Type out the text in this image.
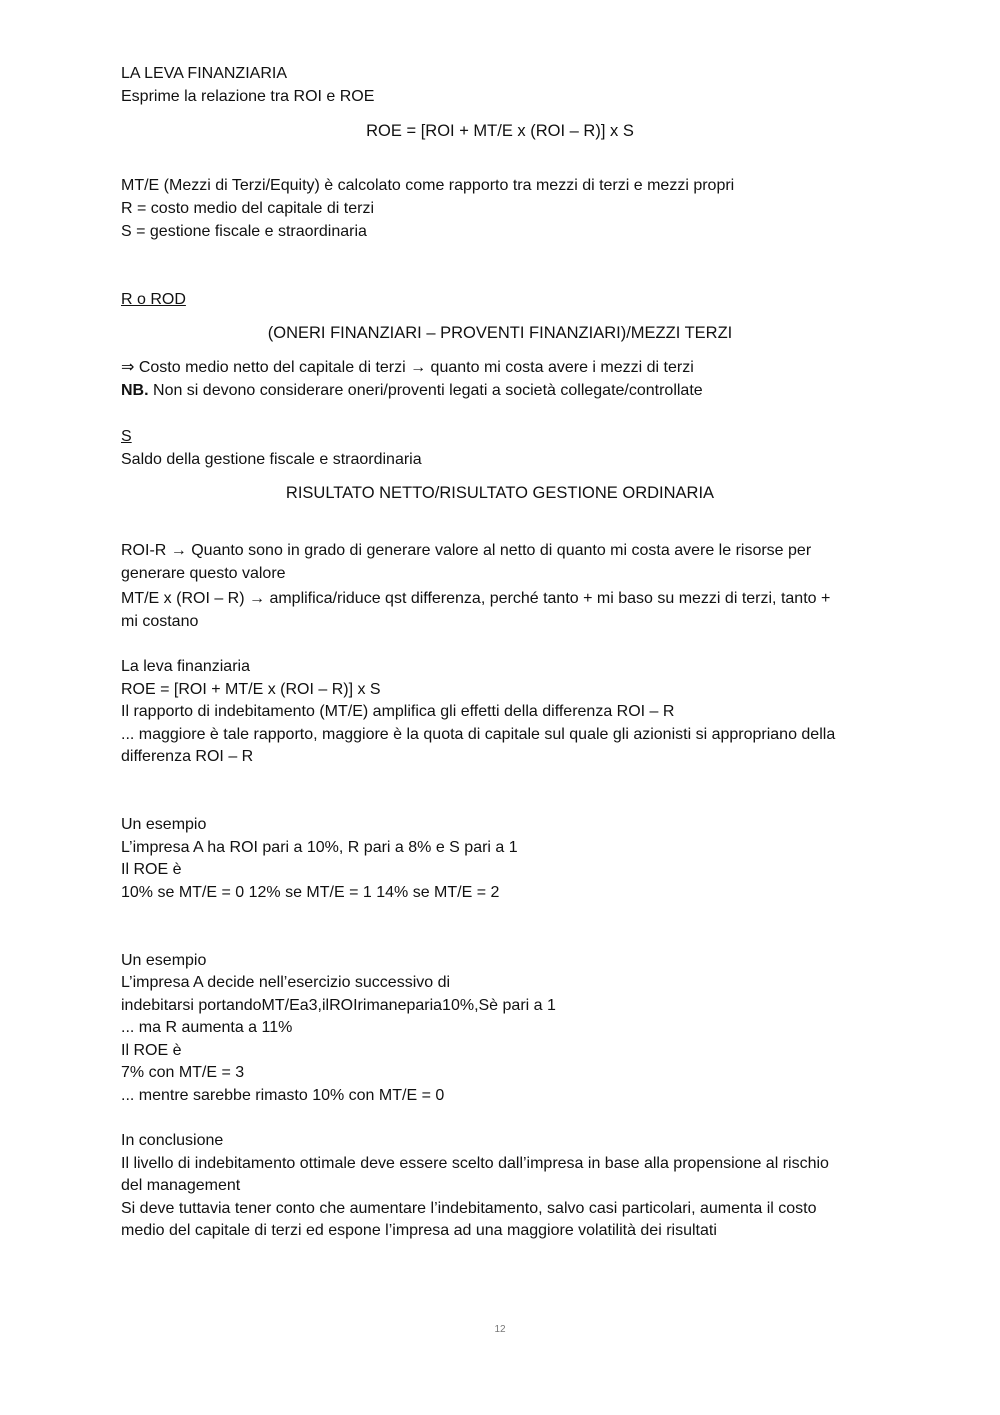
LA LEVA FINANZIARIA
Esprime la relazione tra ROI e ROE
ROE = [ROI + MT/E x (ROI – R)] x S
MT/E (Mezzi di Terzi/Equity) è calcolato come rapporto tra mezzi di terzi e mezzi propri
R = costo medio del capitale di terzi
S = gestione fiscale e straordinaria
R o ROD
(ONERI FINANZIARI – PROVENTI FINANZIARI)/MEZZI TERZI
⇒ Costo medio netto del capitale di terzi → quanto mi costa avere i mezzi di terzi
NB. Non si devono considerare oneri/proventi legati a società collegate/controllate
S
Saldo della gestione fiscale e straordinaria
RISULTATO NETTO/RISULTATO GESTIONE ORDINARIA
ROI-R → Quanto sono in grado di generare valore al netto di quanto mi costa avere le risorse per
generare questo valore
MT/E x (ROI – R) → amplifica/riduce qst differenza, perché tanto + mi baso su mezzi di terzi, tanto +
mi costano
La leva finanziaria
ROE = [ROI + MT/E x (ROI – R)] x S
Il rapporto di indebitamento (MT/E) amplifica gli effetti della differenza ROI – R
... maggiore è tale rapporto, maggiore è la quota di capitale sul quale gli azionisti si appropriano della
differenza ROI – R
Un esempio
L’impresa A ha ROI pari a 10%, R pari a 8% e S pari a 1
Il ROE è
10% se MT/E = 0 12% se MT/E = 1 14% se MT/E = 2
Un esempio
L’impresa A decide nell’esercizio successivo di
indebitarsi portandoMT/Ea3,ilROIrimaneparia10%,Sè pari a 1
... ma R aumenta a 11%
Il ROE è
7% con MT/E = 3
... mentre sarebbe rimasto 10% con MT/E = 0
In conclusione
Il livello di indebitamento ottimale deve essere scelto dall’impresa in base alla propensione al rischio
del management
Si deve tuttavia tener conto che aumentare l’indebitamento, salvo casi particolari, aumenta il costo
medio del capitale di terzi ed espone l’impresa ad una maggiore volatilità dei risultati
12
